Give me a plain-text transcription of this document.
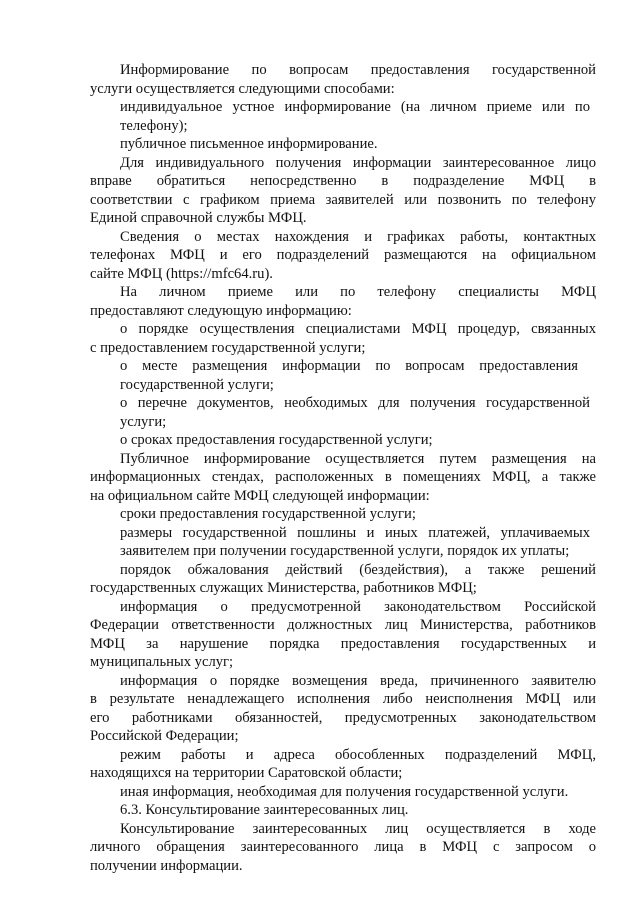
Информирование по вопросам предоставления государственной
услуги осуществляется следующими способами:
индивидуальное устное информирование (на личном приеме или по
телефону);
публичное письменное информирование.
Для индивидуального получения информации заинтересованное лицо
вправе обратиться непосредственно в подразделение МФЦ в
соответствии с графиком приема заявителей или позвонить по телефону
Единой справочной службы МФЦ.
Сведения о местах нахождения и графиках работы, контактных
телефонах МФЦ и его подразделений размещаются на официальном
сайте МФЦ (https://mfc64.ru).
На личном приеме или по телефону специалисты МФЦ
предоставляют следующую информацию:
о порядке осуществления специалистами МФЦ процедур, связанных
с предоставлением государственной услуги;
о месте размещения информации по вопросам предоставления
государственной услуги;
о перечне документов, необходимых для получения государственной
услуги;
о сроках предоставления государственной услуги;
Публичное информирование осуществляется путем размещения на
информационных стендах, расположенных в помещениях МФЦ, а также
на официальном сайте МФЦ следующей информации:
сроки предоставления государственной услуги;
размеры государственной пошлины и иных платежей, уплачиваемых
заявителем при получении государственной услуги, порядок их уплаты;
порядок обжалования действий (бездействия), а также решений
государственных служащих Министерства, работников МФЦ;
информация о предусмотренной законодательством Российской
Федерации ответственности должностных лиц Министерства, работников
МФЦ за нарушение порядка предоставления государственных и
муниципальных услуг;
информация о порядке возмещения вреда, причиненного заявителю
в результате ненадлежащего исполнения либо неисполнения МФЦ или
его работниками обязанностей, предусмотренных законодательством
Российской Федерации;
режим работы и адреса обособленных подразделений МФЦ,
находящихся на территории Саратовской области;
иная информация, необходимая для получения государственной услуги.
6.3. Консультирование заинтересованных лиц.
Консультирование заинтересованных лиц осуществляется в ходе
личного обращения заинтересованного лица в МФЦ с запросом о
получении информации.
